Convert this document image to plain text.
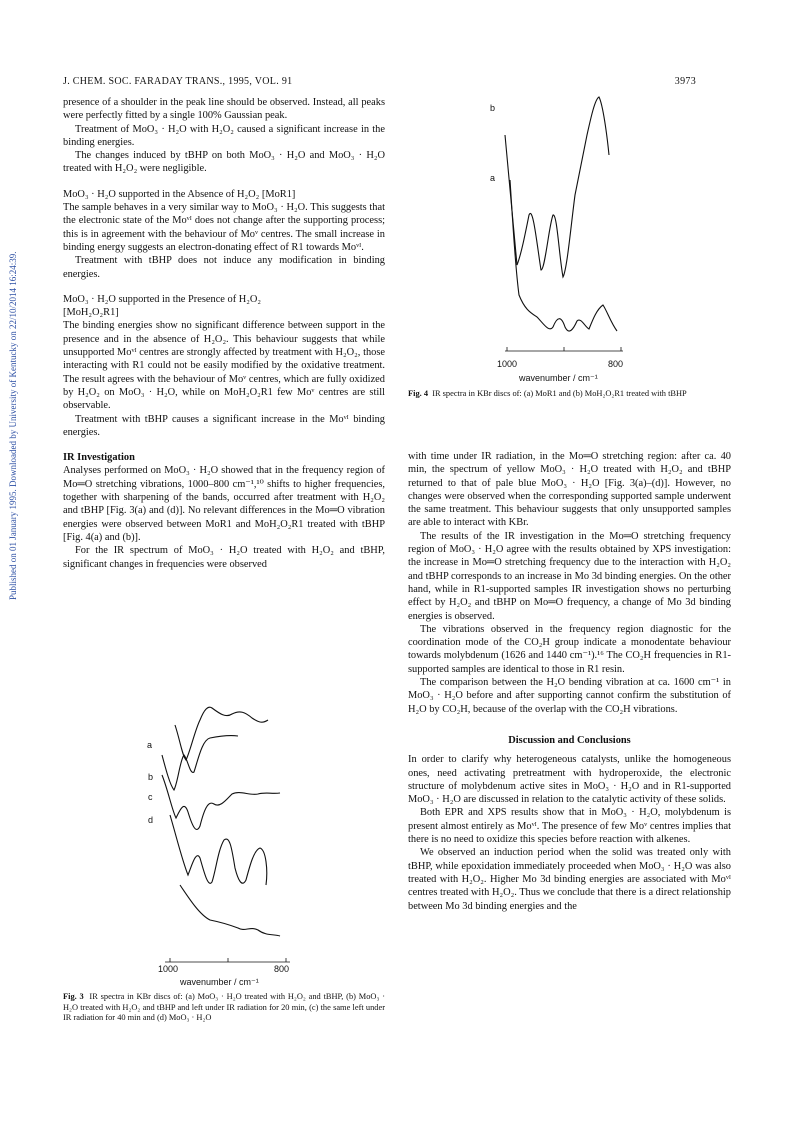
J. CHEM. SOC. FARADAY TRANS., 1995, VOL. 91	3973
Published on 01 January 1995. Downloaded by University of Kentucky on 22/10/2014 16:24:39.

presence of a shoulder in the peak line should be observed. Instead, all peaks were perfectly fitted by a single 100% Gaussian peak.

Treatment of MoO₃ · H₂O with H₂O₂ caused a significant increase in the binding energies.

The changes induced by tBHP on both MoO₃ · H₂O and MoO₃ · H₂O treated with H₂O₂ were negligible.

MoO₃ · H₂O supported in the Absence of H₂O₂ [MoR1]

The sample behaves in a very similar way to MoO₃ · H₂O. This suggests that the electronic state of the Moᵛᴵ does not change after the supporting process; this is in agreement with the behaviour of Moᵛ centres. The small increase in binding energy suggests an electron-donating effect of R1 towards Moᵛᴵ.

Treatment with tBHP does not induce any modification in binding energies.

MoO₃ · H₂O supported in the Presence of H₂O₂

[MoH₂O₂R1]

The binding energies show no significant difference between support in the presence and in the absence of H₂O₂. This behaviour suggests that while unsupported Moᵛᴵ centres are strongly affected by treatment with H₂O₂, those interacting with R1 could not be easily modified by the oxidative treatment. The result agrees with the behaviour of Moᵛ centres, which are fully oxidized by H₂O₂ on MoO₃ · H₂O, while on MoH₂O₂R1 few Moᵛ centres are still observable.

Treatment with tBHP causes a significant increase in the Moᵛᴵ binding energies.

IR Investigation

Analyses performed on MoO₃ · H₂O showed that in the frequency region of Mo═O stretching vibrations, 1000–800 cm⁻¹,¹⁰ shifts to higher frequencies, together with sharpening of the bands, occurred after treatment with H₂O₂ and tBHP [Fig. 3(a) and (d)]. No relevant differences in the Mo═O vibration energies were observed between MoR1 and MoH₂O₂R1 treated with tBHP [Fig. 4(a) and (b)].

For the IR spectrum of MoO₃ · H₂O treated with H₂O₂ and tBHP, significant changes in frequencies were observed

a
b
c
d
1000	800
wavenumber / cm⁻¹
Fig. 3 IR spectra in KBr discs of: (a) MoO₃ · H₂O treated with H₂O₂ and tBHP, (b) MoO₃ · H₂O treated with H₂O₂ and tBHP and left under IR radiation for 20 min, (c) the same left under IR radiation for 40 min and (d) MoO₃ · H₂O
b
a
1000	800
wavenumber / cm⁻¹
Fig. 4 IR spectra in KBr discs of: (a) MoR1 and (b) MoH₂O₂R1 treated with tBHP

with time under IR radiation, in the Mo═O stretching region: after ca. 40 min, the spectrum of yellow MoO₃ · H₂O treated with H₂O₂ and tBHP returned to that of pale blue MoO₃ · H₂O [Fig. 3(a)–(d)]. However, no changes were observed when the corresponding supported sample underwent the same treatment. This behaviour suggests that only unsupported samples are able to interact with KBr.

The results of the IR investigation in the Mo═O stretching frequency region of MoO₃ · H₂O agree with the results obtained by XPS investigation: the increase in Mo═O stretching frequency due to the interaction with H₂O₂ and tBHP corresponds to an increase in Mo 3d binding energies. On the other hand, while in R1-supported samples IR investigation shows no perturbing effect by H₂O₂ and tBHP on Mo═O frequency, a change of Mo 3d binding energies is observed.

The vibrations observed in the frequency region diagnostic for the coordination mode of the CO₂H group indicate a monodentate behaviour towards molybdenum (1626 and 1440 cm⁻¹).¹⁶ The CO₂H frequencies in R1-supported samples are identical to those in R1 resin.

The comparison between the H₂O bending vibration at ca. 1600 cm⁻¹ in MoO₃ · H₂O before and after supporting cannot confirm the substitution of H₂O by CO₂H, because of the overlap with the CO₂H vibrations.

Discussion and Conclusions

In order to clarify why heterogeneous catalysts, unlike the homogeneous ones, need activating pretreatment with hydroperoxide, the electronic structure of molybdenum active sites in MoO₃ · H₂O and in R1-supported MoO₃ · H₂O are discussed in relation to the catalytic activity of these solids.

Both EPR and XPS results show that in MoO₃ · H₂O, molybdenum is present almost entirely as Moᵛᴵ. The presence of few Moᵛ centres implies that there is no need to oxidize this species before reaction with alkenes.

We observed an induction period when the solid was treated only with tBHP, while epoxidation immediately proceeded when MoO₃ · H₂O was also treated with H₂O₂. Higher Mo 3d binding energies are associated with Moᵛᴵ centres treated with H₂O₂. Thus we conclude that there is a direct relationship between Mo 3d binding energies and the
